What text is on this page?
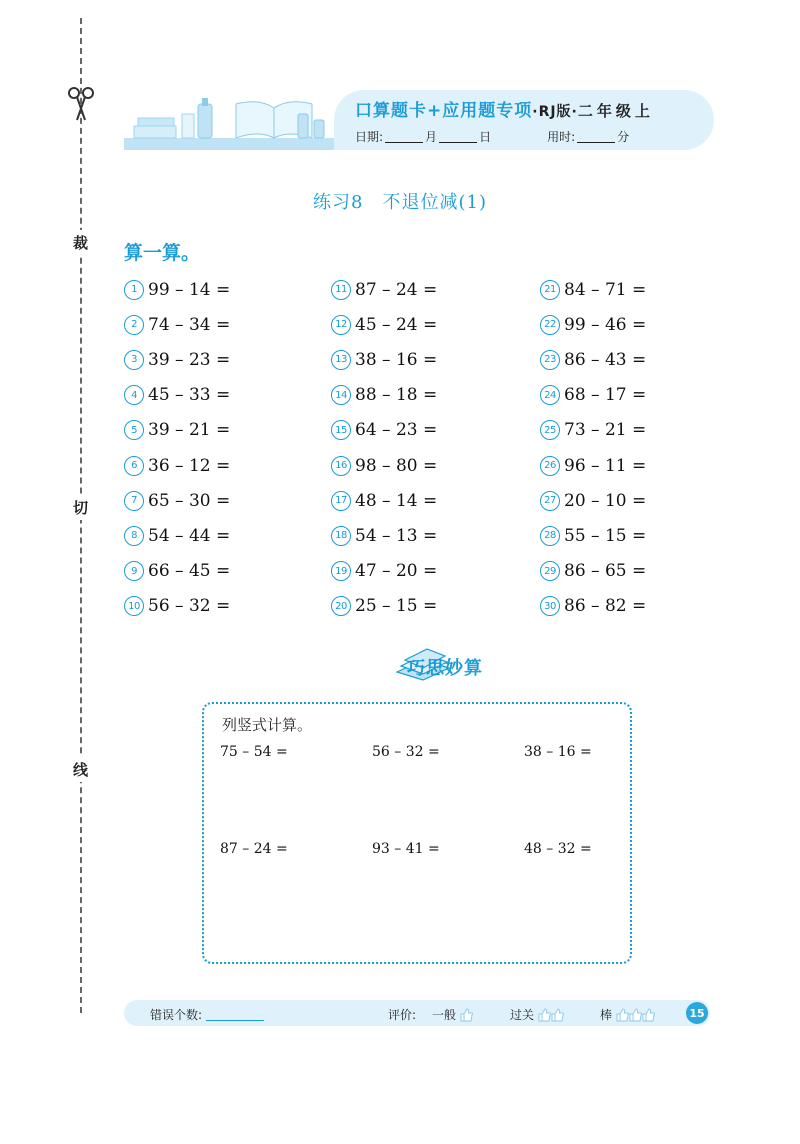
裁
切
线
口算题卡+应用题专项·RJ版·二年级上
日期:	月	日	用时:	分
练习8　不退位减(1)
算一算。
1 99 – 14 =
2 74 – 34 =
3 39 – 23 =
4 45 – 33 =
5 39 – 21 =
6 36 – 12 =
7 65 – 30 =
8 54 – 44 =
9 66 – 45 =
10 56 – 32 =
11 87 – 24 =
12 45 – 24 =
13 38 – 16 =
14 88 – 18 =
15 64 – 23 =
16 98 – 80 =
17 48 – 14 =
18 54 – 13 =
19 47 – 20 =
20 25 – 15 =
21 84 – 71 =
22 99 – 46 =
23 86 – 43 =
24 68 – 17 =
25 73 – 21 =
26 96 – 11 =
27 20 – 10 =
28 55 – 15 =
29 86 – 65 =
30 86 – 82 =
巧思妙算
列竖式计算。
75 – 54 =	56 – 32 =	38 – 16 =
87 – 24 =	93 – 41 =	48 – 32 =
错误个数:	评价: 一般	过关	棒	15
